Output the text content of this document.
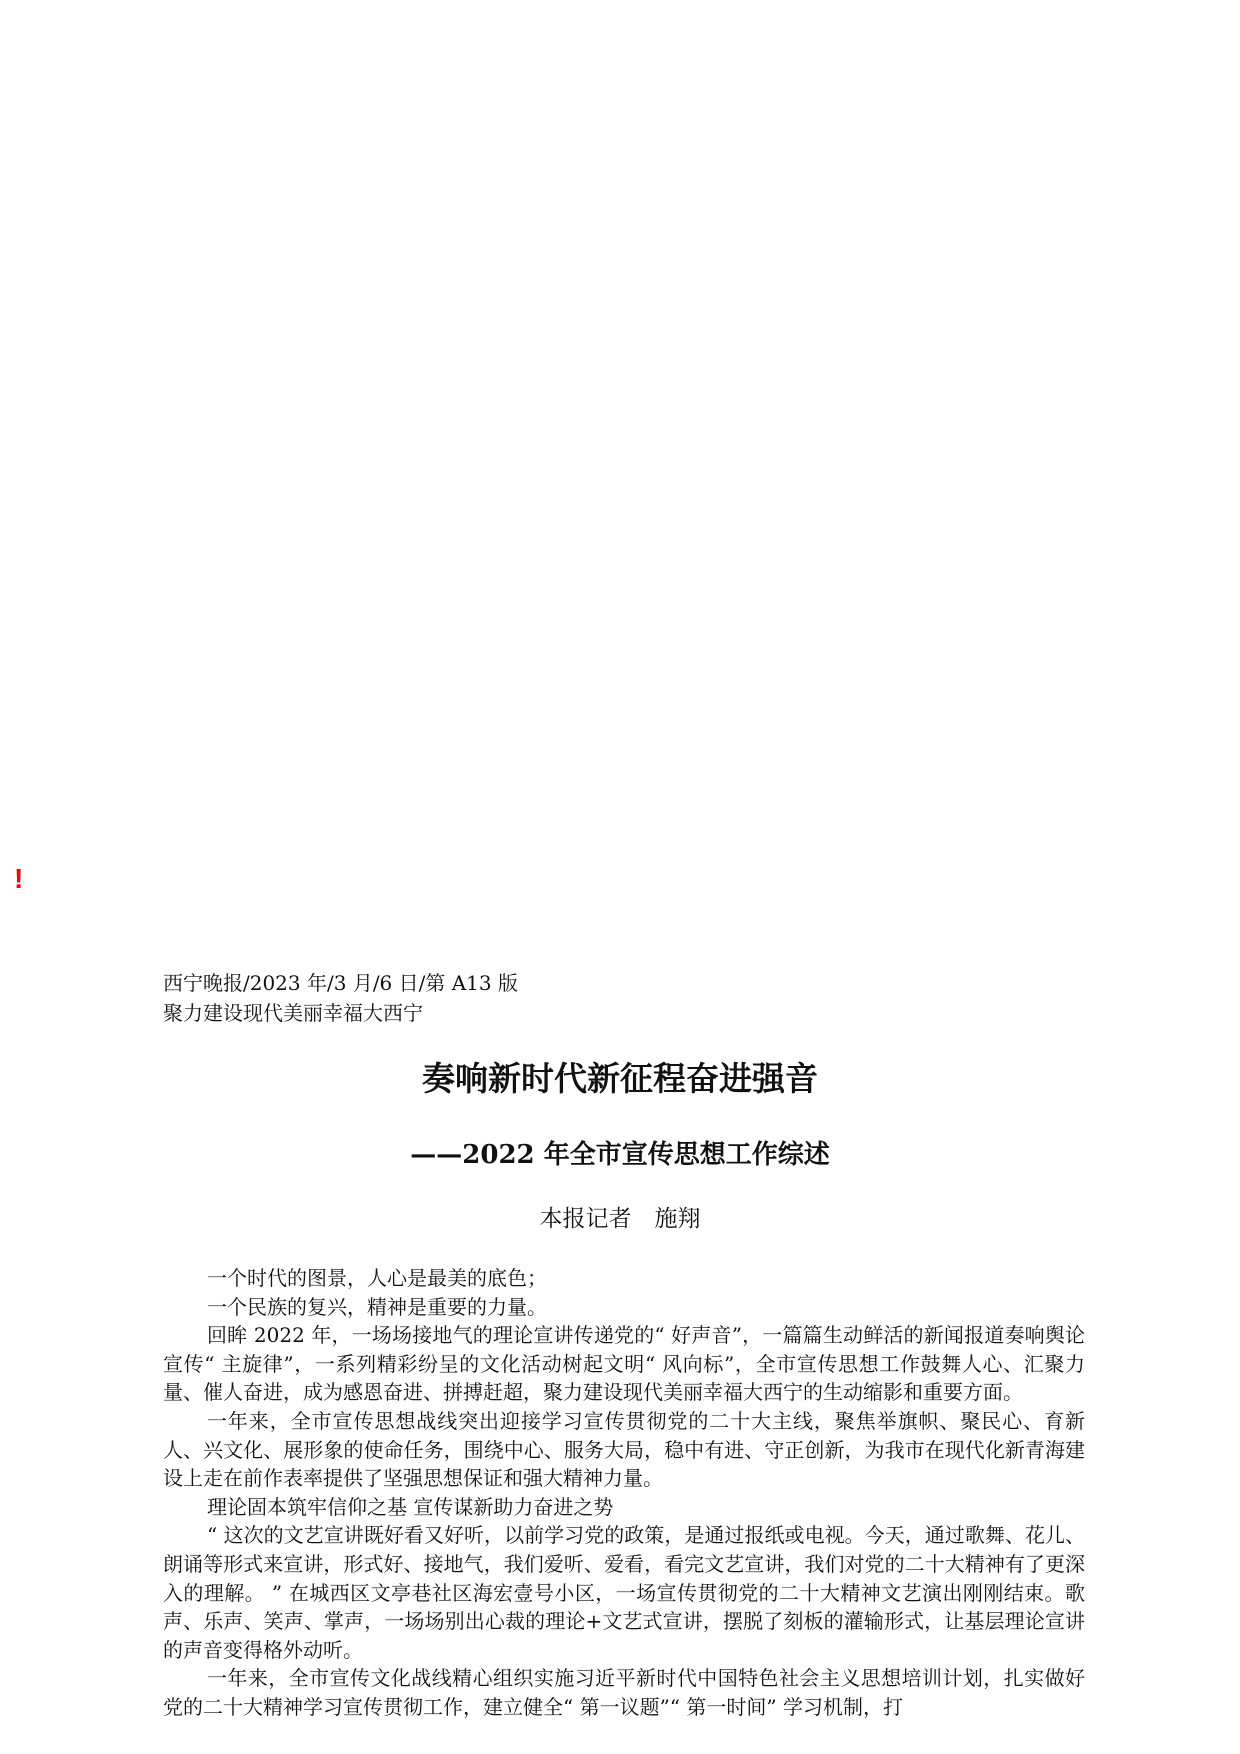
!
西宁晚报/2023 年/3 月/6 日/第 A13 版聚力建设现代美丽幸福大西宁
奏响新时代新征程奋进强音
——2022 年全市宣传思想工作综述
本报记者　施翔

一个时代的图景，人心是最美的底色；

一个民族的复兴，精神是重要的力量。

回眸 2022 年，一场场接地气的理论宣讲传递党的“ 好声音”，一篇篇生动鲜活的新闻报道奏响舆论宣传“ 主旋律”，一系列精彩纷呈的文化活动树起文明“ 风向标”，全市宣传思想工作鼓舞人心、汇聚力量、催人奋进，成为感恩奋进、拼搏赶超，聚力建设现代美丽幸福大西宁的生动缩影和重要方面。

一年来，全市宣传思想战线突出迎接学习宣传贯彻党的二十大主线，聚焦举旗帜、聚民心、育新人、兴文化、展形象的使命任务，围绕中心、服务大局，稳中有进、守正创新，为我市在现代化新青海建设上走在前作表率提供了坚强思想保证和强大精神力量。

理论固本筑牢信仰之基 宣传谋新助力奋进之势

“ 这次的文艺宣讲既好看又好听，以前学习党的政策，是通过报纸或电视。今天，通过歌舞、花儿、朗诵等形式来宣讲，形式好、接地气，我们爱听、爱看，看完文艺宣讲，我们对党的二十大精神有了更深入的理解。 ” 在城西区文亭巷社区海宏壹号小区，一场宣传贯彻党的二十大精神文艺演出刚刚结束。歌声、乐声、笑声、掌声，一场场别出心裁的理论+文艺式宣讲，摆脱了刻板的灌输形式，让基层理论宣讲的声音变得格外动听。

一年来，全市宣传文化战线精心组织实施习近平新时代中国特色社会主义思想培训计划，扎实做好党的二十大精神学习宣传贯彻工作，建立健全“ 第一议题”“ 第一时间” 学习机制，打
